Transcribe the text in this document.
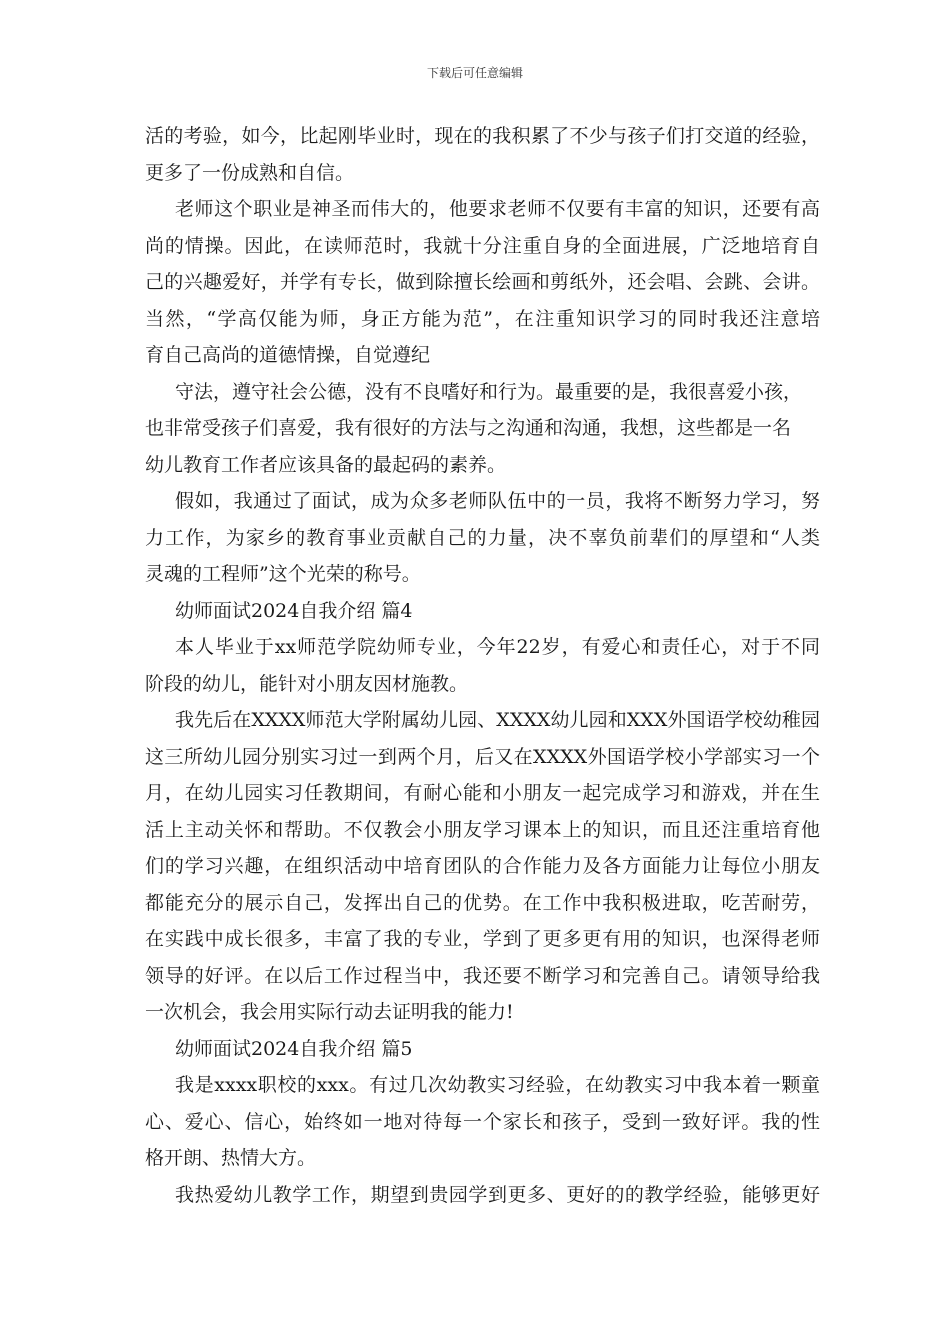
下载后可任意编辑
活的考验，如今，比起刚毕业时，现在的我积累了不少与孩子们打交道的经验，
更多了一份成熟和自信。
老师这个职业是神圣而伟大的，他要求老师不仅要有丰富的知识，还要有高
尚的情操。因此，在读师范时，我就十分注重自身的全面进展，广泛地培育自
己的兴趣爱好，并学有专长，做到除擅长绘画和剪纸外，还会唱、会跳、会讲。
当然，“学高仅能为师，身正方能为范”，在注重知识学习的同时我还注意培
育自己高尚的道德情操，自觉遵纪
守法，遵守社会公德，没有不良嗜好和行为。最重要的是，我很喜爱小孩，
也非常受孩子们喜爱，我有很好的方法与之沟通和沟通，我想，这些都是一名
幼儿教育工作者应该具备的最起码的素养。
假如，我通过了面试，成为众多老师队伍中的一员，我将不断努力学习，努
力工作，为家乡的教育事业贡献自己的力量，决不辜负前辈们的厚望和“人类
灵魂的工程师”这个光荣的称号。
幼师面试2024自我介绍 篇4
本人毕业于xx师范学院幼师专业，今年22岁，有爱心和责任心，对于不同
阶段的幼儿，能针对小朋友因材施教。
我先后在XXXX师范大学附属幼儿园、XXXX幼儿园和XXX外国语学校幼稚园
这三所幼儿园分别实习过一到两个月，后又在XXXX外国语学校小学部实习一个
月，在幼儿园实习任教期间，有耐心能和小朋友一起完成学习和游戏，并在生
活上主动关怀和帮助。不仅教会小朋友学习课本上的知识，而且还注重培育他
们的学习兴趣，在组织活动中培育团队的合作能力及各方面能力让每位小朋友
都能充分的展示自己，发挥出自己的优势。在工作中我积极进取，吃苦耐劳，
在实践中成长很多，丰富了我的专业，学到了更多更有用的知识，也深得老师
领导的好评。在以后工作过程当中，我还要不断学习和完善自己。请领导给我
一次机会，我会用实际行动去证明我的能力!
幼师面试2024自我介绍 篇5
我是xxxx职校的xxx。有过几次幼教实习经验，在幼教实习中我本着一颗童
心、爱心、信心，始终如一地对待每一个家长和孩子，受到一致好评。我的性
格开朗、热情大方。
我热爱幼儿教学工作，期望到贵园学到更多、更好的的教学经验，能够更好
